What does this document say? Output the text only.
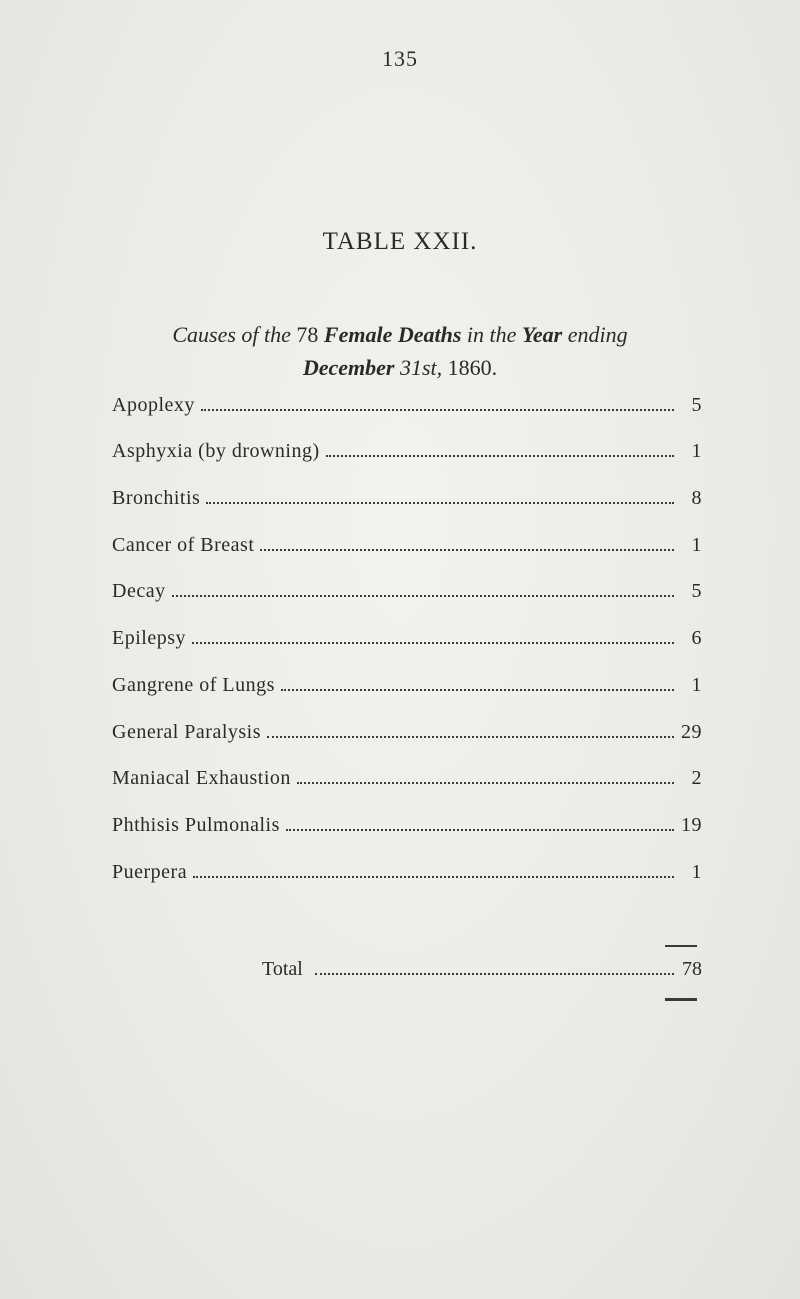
135
TABLE XXII.
Causes of the 78 Female Deaths in the Year ending
December 31st, 1860.
Apoplexy	5
Asphyxia (by drowning)	1
Bronchitis	8
Cancer of Breast	1
Decay	5
Epilepsy	6
Gangrene of Lungs	1
General Paralysis	29
Maniacal Exhaustion	2
Phthisis Pulmonalis	19
Puerpera	1
Total	78
